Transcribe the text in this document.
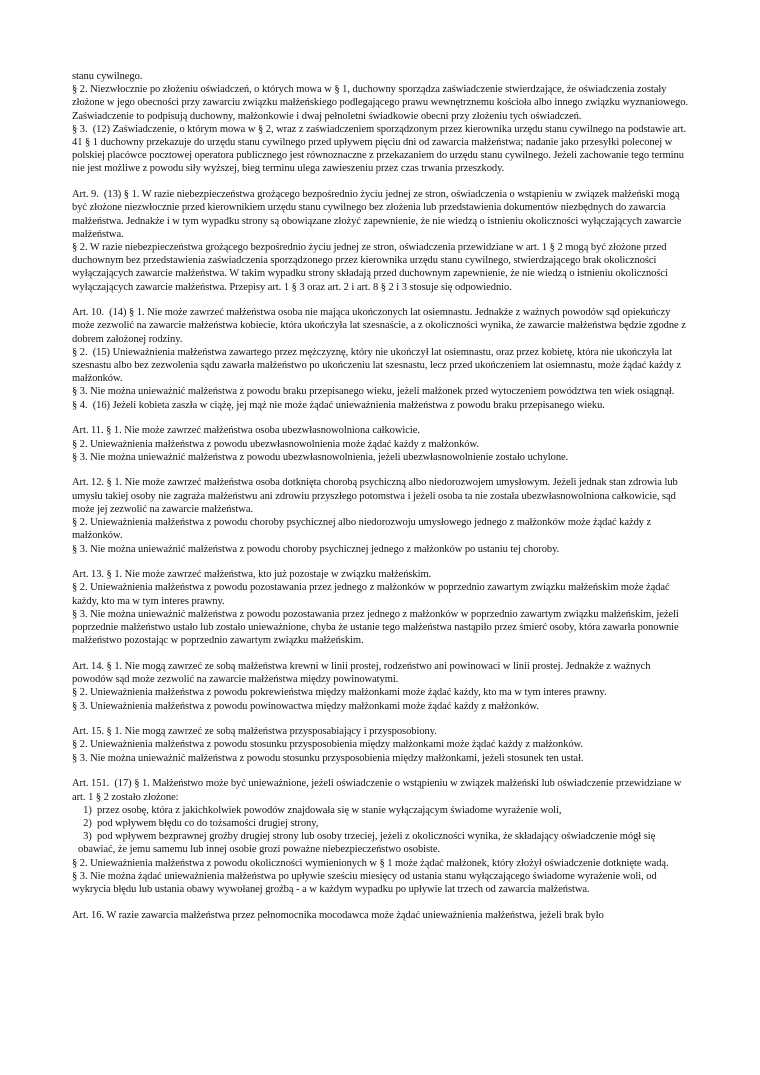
stanu cywilnego.

§ 2. Niezwłocznie po złożeniu oświadczeń, o których mowa w § 1, duchowny sporządza zaświadczenie stwierdzające, że oświadczenia zostały złożone w jego obecności przy zawarciu związku małżeńskiego podlegającego prawu wewnętrznemu kościoła albo innego związku wyznaniowego. Zaświadczenie to podpisują duchowny, małżonkowie i dwaj pełnoletni świadkowie obecni przy złożeniu tych oświadczeń.

§ 3.  (12) Zaświadczenie, o którym mowa w § 2, wraz z zaświadczeniem sporządzonym przez kierownika urzędu stanu cywilnego na podstawie art. 41 § 1 duchowny przekazuje do urzędu stanu cywilnego przed upływem pięciu dni od zawarcia małżeństwa; nadanie jako przesyłki poleconej w polskiej placówce pocztowej operatora publicznego jest równoznaczne z przekazaniem do urzędu stanu cywilnego. Jeżeli zachowanie tego terminu nie jest możliwe z powodu siły wyższej, bieg terminu ulega zawieszeniu przez czas trwania przeszkody.

Art. 9.  (13) § 1. W razie niebezpieczeństwa grożącego bezpośrednio życiu jednej ze stron, oświadczenia o wstąpieniu w związek małżeński mogą być złożone niezwłocznie przed kierownikiem urzędu stanu cywilnego bez złożenia lub przedstawienia dokumentów niezbędnych do zawarcia małżeństwa. Jednakże i w tym wypadku strony są obowiązane złożyć zapewnienie, że nie wiedzą o istnieniu okoliczności wyłączających zawarcie małżeństwa.

§ 2. W razie niebezpieczeństwa grożącego bezpośrednio życiu jednej ze stron, oświadczenia przewidziane w art. 1 § 2 mogą być złożone przed duchownym bez przedstawienia zaświadczenia sporządzonego przez kierownika urzędu stanu cywilnego, stwierdzającego brak okoliczności wyłączających zawarcie małżeństwa. W takim wypadku strony składają przed duchownym zapewnienie, że nie wiedzą o istnieniu okoliczności wyłączających zawarcie małżeństwa. Przepisy art. 1 § 3 oraz art. 2 i art. 8 § 2 i 3 stosuje się odpowiednio.

Art. 10.  (14) § 1. Nie może zawrzeć małżeństwa osoba nie mająca ukończonych lat osiemnastu. Jednakże z ważnych powodów sąd opiekuńczy może zezwolić na zawarcie małżeństwa kobiecie, która ukończyła lat szesnaście, a z okoliczności wynika, że zawarcie małżeństwa będzie zgodne z dobrem założonej rodziny.

§ 2.  (15) Unieważnienia małżeństwa zawartego przez mężczyznę, który nie ukończył lat osiemnastu, oraz przez kobietę, która nie ukończyła lat szesnastu albo bez zezwolenia sądu zawarła małżeństwo po ukończeniu lat szesnastu, lecz przed ukończeniem lat osiemnastu, może żądać każdy z małżonków.

§ 3. Nie można unieważnić małżeństwa z powodu braku przepisanego wieku, jeżeli małżonek przed wytoczeniem powództwa ten wiek osiągnął.

§ 4.  (16) Jeżeli kobieta zaszła w ciążę, jej mąż nie może żądać unieważnienia małżeństwa z powodu braku przepisanego wieku.

Art. 11. § 1. Nie może zawrzeć małżeństwa osoba ubezwłasnowolniona całkowicie.

§ 2. Unieważnienia małżeństwa z powodu ubezwłasnowolnienia może żądać każdy z małżonków.

§ 3. Nie można unieważnić małżeństwa z powodu ubezwłasnowolnienia, jeżeli ubezwłasnowolnienie zostało uchylone.

Art. 12. § 1. Nie może zawrzeć małżeństwa osoba dotknięta chorobą psychiczną albo niedorozwojem umysłowym. Jeżeli jednak stan zdrowia lub umysłu takiej osoby nie zagraża małżeństwu ani zdrowiu przyszłego potomstwa i jeżeli osoba ta nie została ubezwłasnowolniona całkowicie, sąd może jej zezwolić na zawarcie małżeństwa.

§ 2. Unieważnienia małżeństwa z powodu choroby psychicznej albo niedorozwoju umysłowego jednego z małżonków może żądać każdy z małżonków.

§ 3. Nie można unieważnić małżeństwa z powodu choroby psychicznej jednego z małżonków po ustaniu tej choroby.

Art. 13. § 1. Nie może zawrzeć małżeństwa, kto już pozostaje w związku małżeńskim.

§ 2. Unieważnienia małżeństwa z powodu pozostawania przez jednego z małżonków w poprzednio zawartym związku małżeńskim może żądać każdy, kto ma w tym interes prawny.

§ 3. Nie można unieważnić małżeństwa z powodu pozostawania przez jednego z małżonków w poprzednio zawartym związku małżeńskim, jeżeli poprzednie małżeństwo ustało lub zostało unieważnione, chyba że ustanie tego małżeństwa nastąpiło przez śmierć osoby, która zawarła ponownie małżeństwo pozostając w poprzednio zawartym związku małżeńskim.

Art. 14. § 1. Nie mogą zawrzeć ze sobą małżeństwa krewni w linii prostej, rodzeństwo ani powinowaci w linii prostej. Jednakże z ważnych powodów sąd może zezwolić na zawarcie małżeństwa między powinowatymi.

§ 2. Unieważnienia małżeństwa z powodu pokrewieństwa między małżonkami może żądać każdy, kto ma w tym interes prawny.

§ 3. Unieważnienia małżeństwa z powodu powinowactwa między małżonkami może żądać każdy z małżonków.

Art. 15. § 1. Nie mogą zawrzeć ze sobą małżeństwa przysposabiający i przysposobiony.

§ 2. Unieważnienia małżeństwa z powodu stosunku przysposobienia między małżonkami może żądać każdy z małżonków.

§ 3. Nie można unieważnić małżeństwa z powodu stosunku przysposobienia między małżonkami, jeżeli stosunek ten ustał.

Art. 151.  (17) § 1. Małżeństwo może być unieważnione, jeżeli oświadczenie o wstąpieniu w związek małżeński lub oświadczenie przewidziane w art. 1 § 2 zostało złożone:

1)  przez osobę, która z jakichkolwiek powodów znajdowała się w stanie wyłączającym świadome wyrażenie woli,

2)  pod wpływem błędu co do tożsamości drugiej strony,

3)  pod wpływem bezprawnej groźby drugiej strony lub osoby trzeciej, jeżeli z okoliczności wynika, że składający oświadczenie mógł się obawiać, że jemu samemu lub innej osobie grozi poważne niebezpieczeństwo osobiste.

§ 2. Unieważnienia małżeństwa z powodu okoliczności wymienionych w § 1 może żądać małżonek, który złożył oświadczenie dotknięte wadą.

§ 3. Nie można żądać unieważnienia małżeństwa po upływie sześciu miesięcy od ustania stanu wyłączającego świadome wyrażenie woli, od wykrycia błędu lub ustania obawy wywołanej groźbą - a w każdym wypadku po upływie lat trzech od zawarcia małżeństwa.

Art. 16. W razie zawarcia małżeństwa przez pełnomocnika mocodawca może żądać unieważnienia małżeństwa, jeżeli brak było
